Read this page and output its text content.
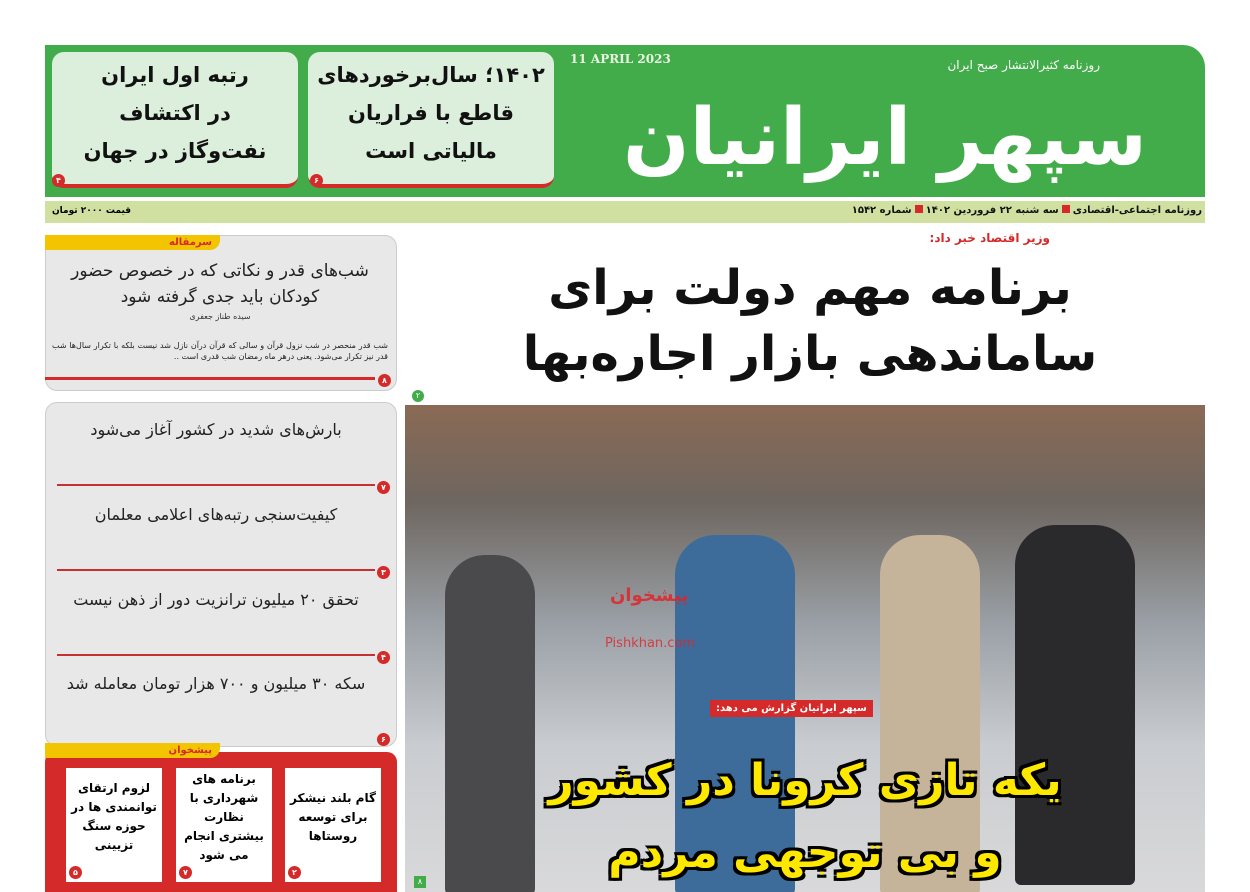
۱۴۰۲؛ سال‌برخوردهای
قاطع با فراریان
مالیاتی است
۶
رتبه اول ایران
در اکتشاف
نفت‌وگاز در جهان
۴
11 APRIL 2023	روزنامه کثیرالانتشار صبح ایران
سپهر ایرانیان
روزنامه اجتماعی-اقتصادیسه شنبه ۲۲ فروردین ۱۴۰۲شماره ۱۵۴۲
قیمت ۲۰۰۰ تومان
سرمقاله
شب‌های قدر و نکاتی که در خصوص حضور کودکان باید جدی گرفته شود
سیده طناز جعفری
شب قدر منحصر در شب نزول قرآن و سالی که قرآن درآن نازل شد نیست بلکه با تکرار سال‌ها شب قدر نیز تکرار می‌شود. یعنی درهر ماه رمضان شب قدری است ..
۸
بارش‌های شدید در کشور آغاز می‌شود
۷
کیفیت‌سنجی رتبه‌های اعلامی معلمان
۳
تحقق ۲۰ میلیون ترانزیت دور از ذهن نیست
۴
سکه ۳۰ میلیون و ۷۰۰ هزار تومان معامله شد
۶
پیشخوان
گام بلند نیشکر برای توسعه روستاها
۲
برنامه های شهرداری با نظارت بیشتری انجام می شود
۷
لزوم ارتقای توانمندی ها در حوزه سنگ تزیینی
۵
وزیر اقتصاد خبر داد:
برنامه مهم دولت برای
ساماندهی بازار اجاره‌بها
۲
پیشخوان
Pishkhan.com
سپهر ایرانیان گزارش می دهد:
یکه تازی کرونا در کشور
و بی توجهی مردم
۸
